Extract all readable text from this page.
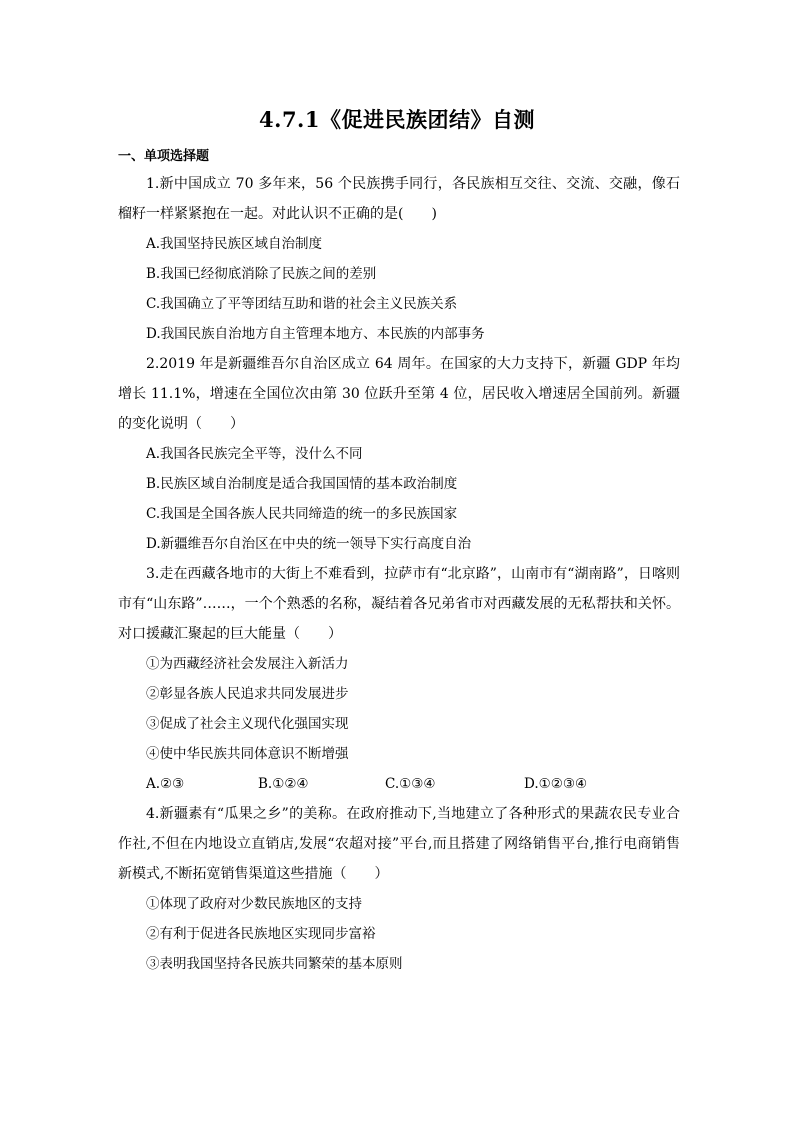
4.7.1《促进民族团结》自测
一、单项选择题

1.新中国成立 70 多年来，56 个民族携手同行，各民族相互交往、交流、交融，像石榴籽一样紧紧抱在一起。对此认识不正确的是(　　)

A.我国坚持民族区域自治制度

B.我国已经彻底消除了民族之间的差别

C.我国确立了平等团结互助和谐的社会主义民族关系

D.我国民族自治地方自主管理本地方、本民族的内部事务

2.2019 年是新疆维吾尔自治区成立 64 周年。在国家的大力支持下，新疆 GDP 年均增长 11.1%，增速在全国位次由第 30 位跃升至第 4 位，居民收入增速居全国前列。新疆的变化说明（　　）

A.我国各民族完全平等，没什么不同

B.民族区域自治制度是适合我国国情的基本政治制度

C.我国是全国各族人民共同缔造的统一的多民族国家

D.新疆维吾尔自治区在中央的统一领导下实行高度自治

3.走在西藏各地市的大街上不难看到，拉萨市有“北京路”，山南市有“湖南路”，日喀则市有“山东路”……，一个个熟悉的名称，凝结着各兄弟省市对西藏发展的无私帮扶和关怀。对口援藏汇聚起的巨大能量（　　）

①为西藏经济社会发展注入新活力

②彰显各族人民追求共同发展进步

③促成了社会主义现代化强国实现

④使中华民族共同体意识不断增强

A.②③	B.①②④	C.①③④	D.①②③④

4.新疆素有“瓜果之乡”的美称。在政府推动下,当地建立了各种形式的果蔬农民专业合作社,不但在内地设立直销店,发展“农超对接”平台,而且搭建了网络销售平台,推行电商销售新模式,不断拓宽销售渠道这些措施（　　）

①体现了政府对少数民族地区的支持

②有利于促进各民族地区实现同步富裕

③表明我国坚持各民族共同繁荣的基本原则
